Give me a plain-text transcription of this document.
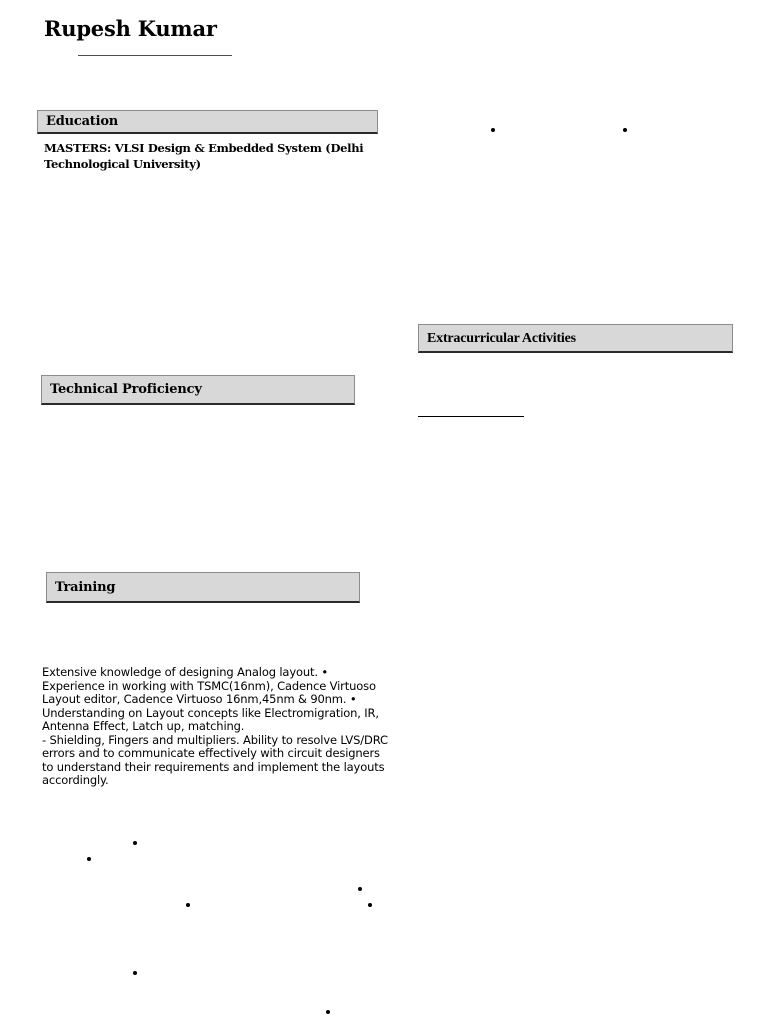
Rupesh Kumar
Education
MASTERS: VLSI Design & Embedded System (Delhi Technological University)
Technical Proficiency
Training
Extracurricular Activities

Extensive knowledge of designing Analog layout. • Experience in working with TSMC(16nm), Cadence Virtuoso Layout editor, Cadence Virtuoso 16nm,45nm & 90nm. • Understanding on Layout concepts like Electromigration, IR, Antenna Effect, Latch up, matching.

- Shielding, Fingers and multipliers. Ability to resolve LVS/DRC errors and to communicate effectively with circuit designers to understand their requirements and implement the layouts accordingly.
